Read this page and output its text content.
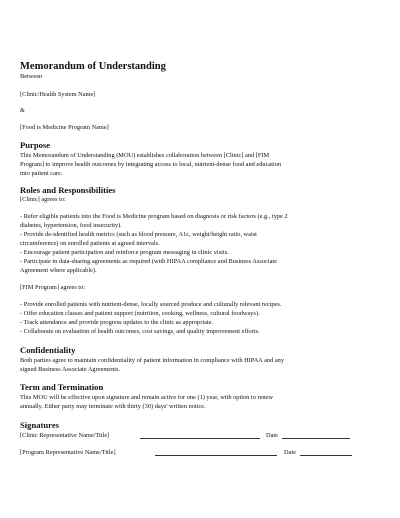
Memorandum of Understanding
Between
[Clinic/Health System Name]
&
[Food is Medicine Program Name]
Purpose
This Memorandum of Understanding (MOU) establishes collaboration between [Clinic] and [FIM
Program] to improve health outcomes by integrating access to local, nutrient-dense food and education
into patient care.
Roles and Responsibilities
[Clinic] agrees to:
- Refer eligible patients into the Food is Medicine program based on diagnosis or risk factors (e.g., type 2
diabetes, hypertension, food insecurity).
- Provide de-identified health metrics (such as blood pressure, A1c, weight/height ratio, waist
circumference) on enrolled patients at agreed intervals.
- Encourage patient participation and reinforce program messaging in clinic visits.
- Participate in data-sharing agreements as required (with HIPAA compliance and Business Associate
Agreement where applicable).
[FIM Program] agrees to:
- Provide enrolled patients with nutrient-dense, locally sourced produce and culturally relevant recipes.
- Offer education classes and patient support (nutrition, cooking, wellness, cultural foodways).
- Track attendance and provide progress updates to the clinic as appropriate.
- Collaborate on evaluation of health outcomes, cost savings, and quality improvement efforts.
Confidentiality
Both parties agree to maintain confidentiality of patient information in compliance with HIPAA and any
signed Business Associate Agreements.
Term and Termination
This MOU will be effective upon signature and remain active for one (1) year, with option to renew
annually. Either party may terminate with thirty (30) days' written notice.
Signatures
[Clinic Representative Name/Title]	Date
[Program Representative Name/Title]	Date
